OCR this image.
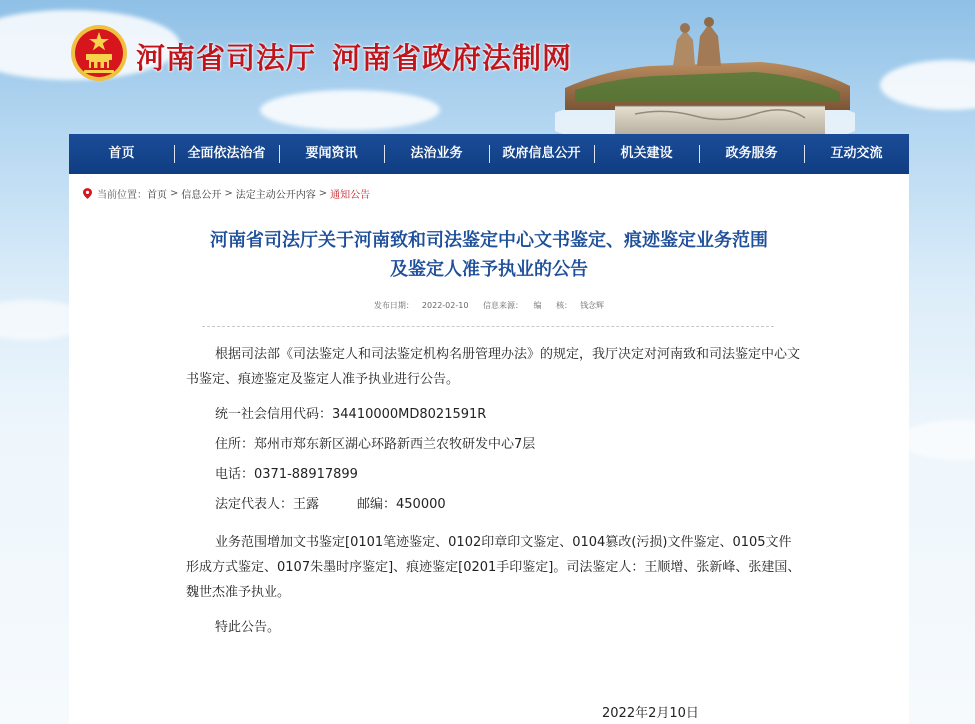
河南省司法厅 河南省政府法制网
首页	全面依法治省	要闻资讯	法治业务	政府信息公开	机关建设	政务服务	互动交流
当前位置： 首页 > 信息公开 > 法定主动公开内容 > 通知公告
河南省司法厅关于河南致和司法鉴定中心文书鉴定、痕迹鉴定业务范围
及鉴定人准予执业的公告
发布日期： 2022-02-10 信息来源： 编 核： 钱念辉

根据司法部《司法鉴定人和司法鉴定机构名册管理办法》的规定，我厅决定对河南致和司法鉴定中心文书鉴定、痕迹鉴定及鉴定人准予执业进行公告。

统一社会信用代码：34410000MD8021591R

住所：郑州市郑东新区湖心环路新西兰农牧研发中心7层

电话：0371-88917899

法定代表人：王露	邮编：450000

业务范围增加文书鉴定[0101笔迹鉴定、0102印章印文鉴定、0104篡改(污损)文件鉴定、0105文件形成方式鉴定、0107朱墨时序鉴定]、痕迹鉴定[0201手印鉴定]。司法鉴定人：王顺增、张新峰、张建国、魏世杰准予执业。

特此公告。

2022年2月10日
